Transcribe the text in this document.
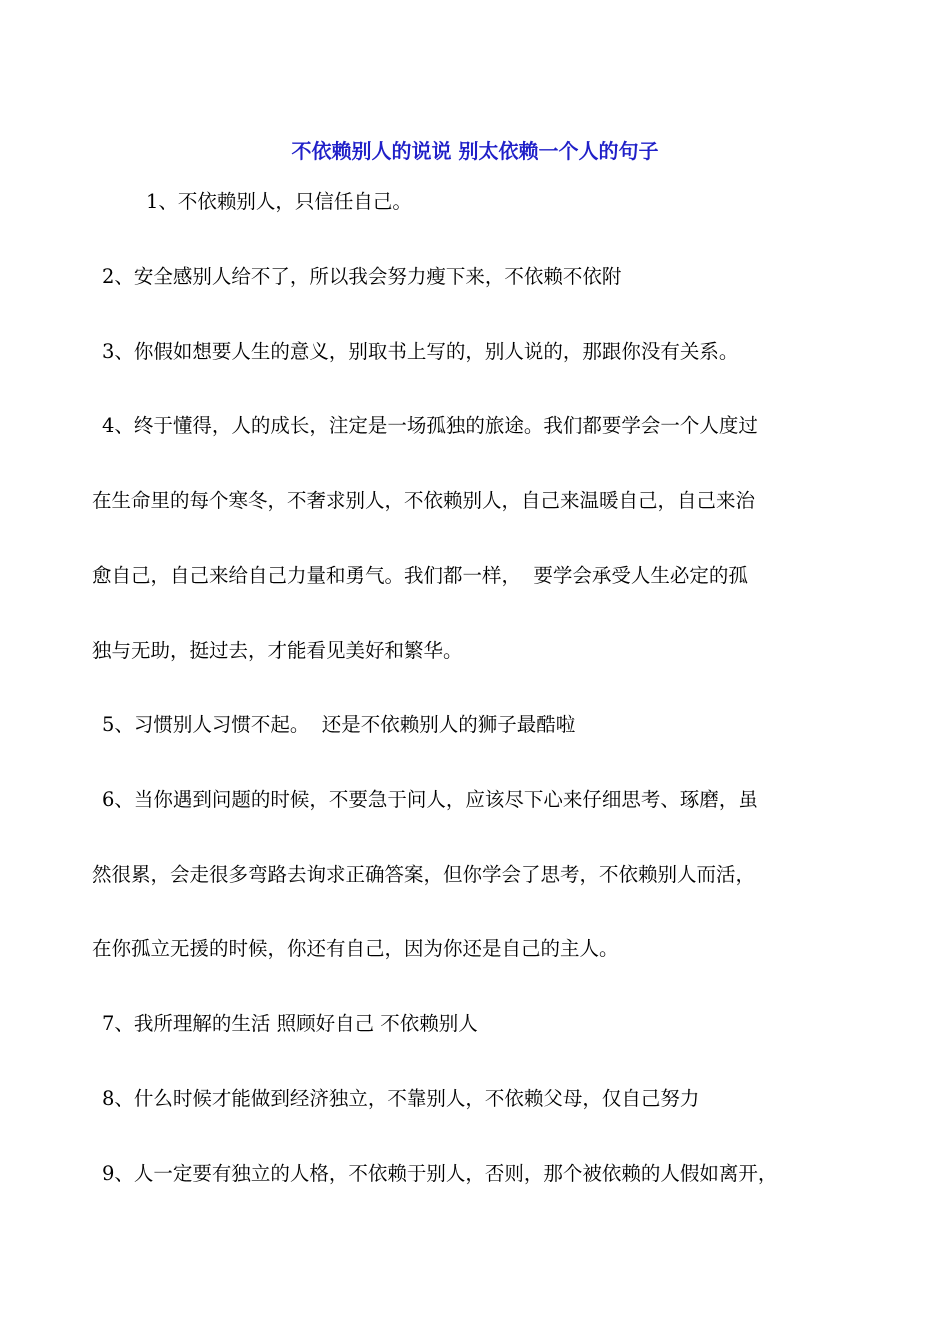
不依赖别人的说说 别太依赖一个人的句子
1、不依赖别人，只信任自己。
2、安全感别人给不了，所以我会努力瘦下来，不依赖不依附
3、你假如想要人生的意义，别取书上写的，别人说的，那跟你没有关系。
4、终于懂得，人的成长，注定是一场孤独的旅途。我们都要学会一个人度过
在生命里的每个寒冬，不奢求别人，不依赖别人，自己来温暖自己，自己来治
愈自己，自己来给自己力量和勇气。我们都一样，  要学会承受人生必定的孤
独与无助，挺过去，才能看见美好和繁华。
5、习惯别人习惯不起。  还是不依赖别人的狮子最酷啦
6、当你遇到问题的时候，不要急于问人，应该尽下心来仔细思考、琢磨，虽
然很累，会走很多弯路去询求正确答案，但你学会了思考，不依赖别人而活，
在你孤立无援的时候，你还有自己，因为你还是自己的主人。
7、我所理解的生活 照顾好自己 不依赖别人
8、什么时候才能做到经济独立，不靠别人，不依赖父母，仅自己努力
9、人一定要有独立的人格，不依赖于别人，否则，那个被依赖的人假如离开，
